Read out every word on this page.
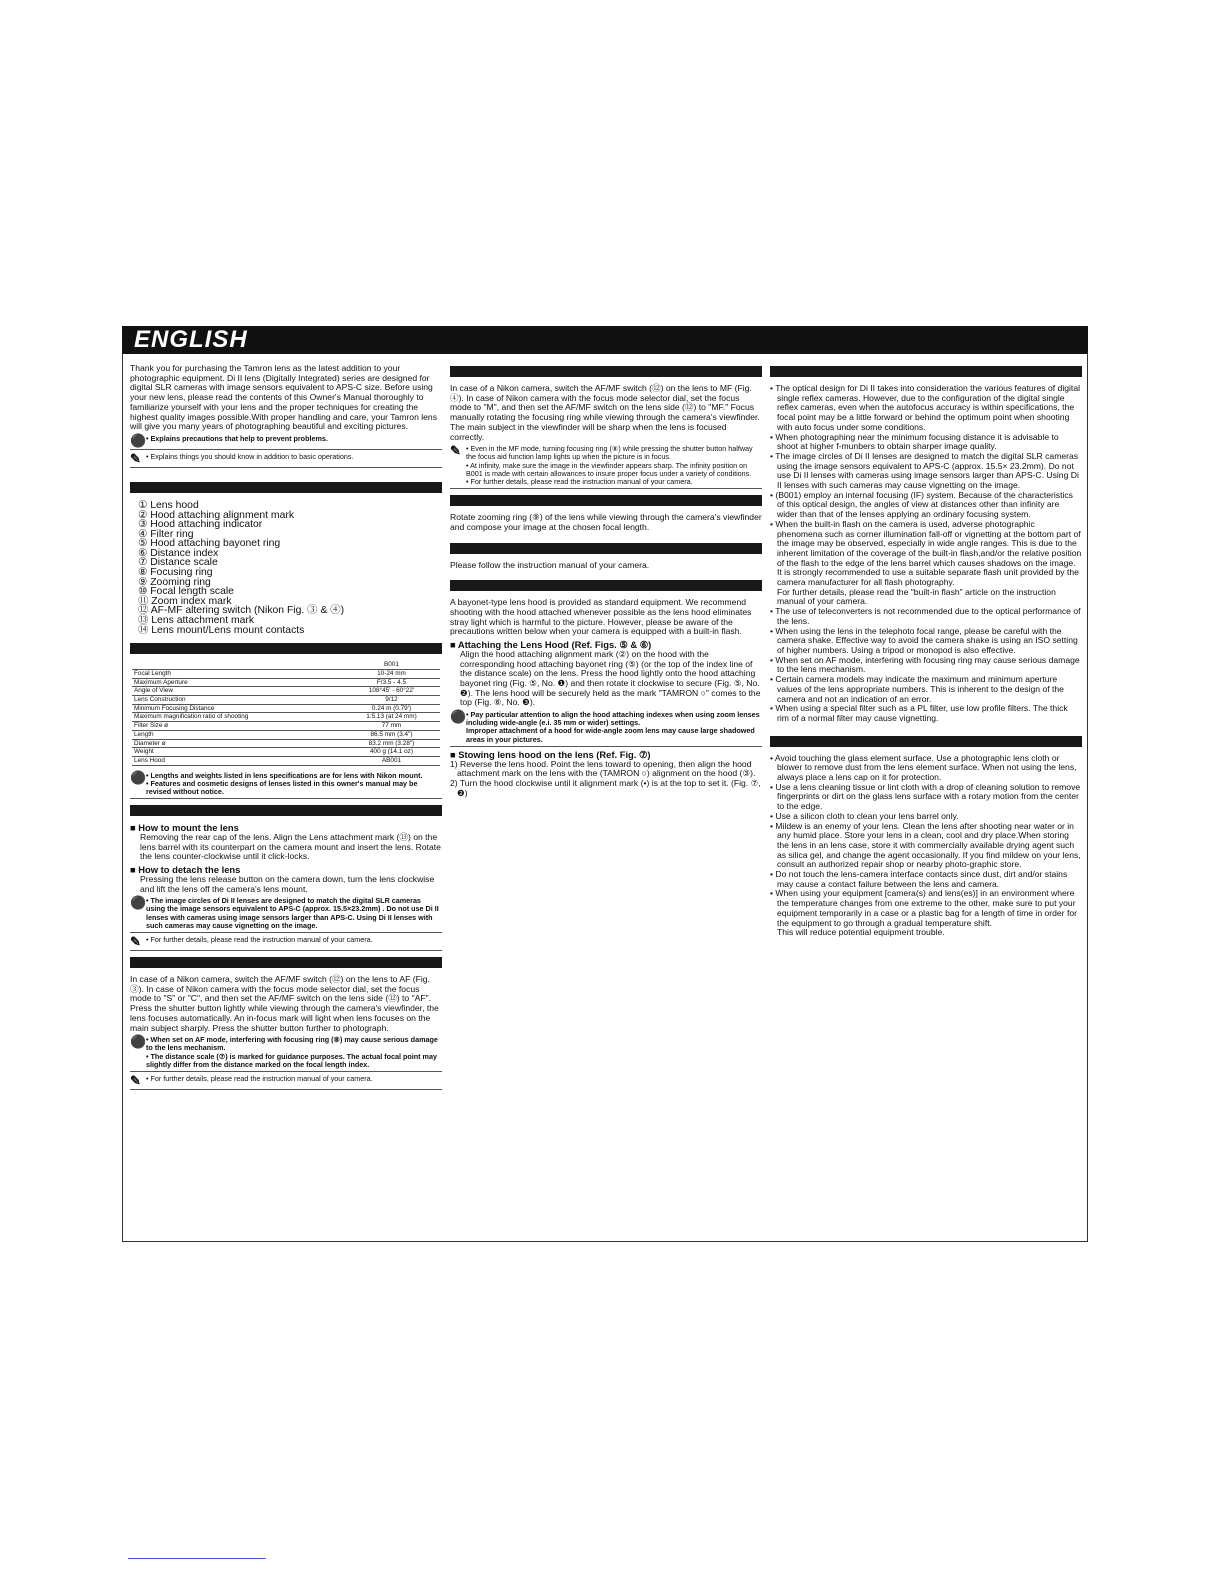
ENGLISH

Thank you for purchasing the Tamron lens as the latest addition to your photographic equipment. Di II lens (Digitally Integrated) series are designed for digital SLR cameras with image sensors equivalent to APS-C size. Before using your new lens, please read the contents of this Owner's Manual thoroughly to familiarize yourself with your lens and the proper techniques for creating the highest quality images possible.With proper handling and care, your Tamron lens will give you many years of photographing beautiful and exciting pictures.

⚫ • Explains precautions that help to prevent problems.
✎ • Explains things you should know in addition to basic operations.
① Lens hood
② Hood attaching alignment mark
③ Hood attaching indicator
④ Filter ring
⑤ Hood attaching bayonet ring
⑥ Distance index
⑦ Distance scale
⑧ Focusing ring
⑨ Zooming ring
⑩ Focal length scale
⑪ Zoom index mark
⑫ AF-MF altering switch (Nikon Fig. ③ & ④)
⑬ Lens attachment mark
⑭ Lens mount/Lens mount contacts
	B001
Focal Length	10-24 mm
Maximum Aperture	F/3.5 - 4.5
Angle of View	108°45' - 60°22'
Lens Construction	9/12
Minimum Focusing Distance	0.24 m (0.79')
Maximum magnification ratio of shooting	1:5.13 (at 24 mm)
Filter Size ø	77 mm
Length	86.5 mm (3.4")
Diameter ø	83.2 mm (3.28")
Weight	400 g (14.1 oz)
Lens Hood	AB001
⚫ • Lengths and weights listed in lens specifications are for lens with Nikon mount.
• Features and cosmetic designs of lenses listed in this owner's manual may be revised without notice.
■ How to mount the lens

Removing the rear cap of the lens. Align the Lens attachment mark (⑬) on the lens barrel with its counterpart on the camera mount and insert the lens. Rotate the lens counter-clockwise until it click-locks.

■ How to detach the lens

Pressing the lens release button on the camera down, turn the lens clockwise and lift the lens off the camera's lens mount.

⚫ • The image circles of Di II lenses are designed to match the digital SLR cameras using the image sensors equivalent to APS-C (approx. 15.5×23.2mm) . Do not use Di II lenses with cameras using image sensors larger than APS-C. Using Di II lenses with such cameras may cause vignetting on the image.
✎ • For further details, please read the instruction manual of your camera.

In case of a Nikon camera, switch the AF/MF switch (⑫) on the lens to AF (Fig. ③). In case of Nikon camera with the focus mode selector dial, set the focus mode to "S" or "C", and then set the AF/MF switch on the lens side (⑫) to "AF". Press the shutter button lightly while viewing through the camera's viewfinder, the lens focuses automatically. An in-focus mark will light when lens focuses on the main subject sharply. Press the shutter button further to photograph.

⚫ • When set on AF mode, interfering with focusing ring (⑧) may cause serious damage to the lens mechanism.
• The distance scale (⑦) is marked for guidance purposes. The actual focal point may slightly differ from the distance marked on the focal length index.
✎ • For further details, please read the instruction manual of your camera.

In case of a Nikon camera, switch the AF/MF switch (⑫) on the lens to MF (Fig. ④). In case of Nikon camera with the focus mode selector dial, set the focus mode to "M", and then set the AF/MF switch on the lens side (⑫) to "MF." Focus manually rotating the focusing ring while viewing through the camera's viewfinder. The main subject in the viewfinder will be sharp when the lens is focused correctly.

✎ • Even in the MF mode, turning focusing ring (⑧) while pressing the shutter button halfway the focus aid function lamp lights up when the picture is in focus.
• At infinity, make sure the image in the viewfinder appears sharp. The infinity position on B001 is made with certain allowances to insure proper focus under a variety of conditions.
• For further details, please read the instruction manual of your camera.

Rotate zooming ring (⑨) of the lens while viewing through the camera's viewfinder and compose your image at the chosen focal length.

Please follow the instruction manual of your camera.

A bayonet-type lens hood is provided as standard equipment. We recommend shooting with the hood attached whenever possible as the lens hood eliminates stray light which is harmful to the picture. However, please be aware of the precautions written below when your camera is equipped with a built-in flash.

■ Attaching the Lens Hood (Ref. Figs. ⑤ & ⑥)

Align the hood attaching alignment mark (②) on the hood with the corresponding hood attaching bayonet ring (⑤) (or the top of the index line of the distance scale) on the lens. Press the hood lightly onto the hood attaching bayonet ring (Fig. ⑤, No. ❶) and then rotate it clockwise to secure (Fig. ⑤, No. ❷). The lens hood will be securely held as the mark "TAMRON ○" comes to the top (Fig. ⑥, No. ❸).

⚫ • Pay particular attention to align the hood attaching indexes when using zoom lenses including wide-angle (e.i. 35 mm or wider) settings.
Improper attachment of a hood for wide-angle zoom lens may cause large shadowed areas in your pictures.
■ Stowing lens hood on the lens (Ref. Fig. ⑦)

1) Reverse the lens hood. Point the lens toward to opening, then align the hood attachment mark on the lens with the (TAMRON ○) alignment on the hood (③).

2) Turn the hood clockwise until it alignment mark (•) is at the top to set it. (Fig. ⑦, ❷)

• The optical design for Di II takes into consideration the various features of digital single reflex cameras. However, due to the configuration of the digital single reflex cameras, even when the autofocus accuracy is within specifications, the focal point may be a little forward or behind the optimum point when shooting with auto focus under some conditions.

• When photographing near the minimum focusing distance it is advisable to shoot at higher f-munbers to obtain sharper image quality.

• The image circles of Di II lenses are designed to match the digital SLR cameras using the image sensors equivalent to APS-C (approx. 15.5× 23.2mm). Do not use Di II lenses with cameras using image sensors larger than APS-C. Using Di II lenses with such cameras may cause vignetting on the image.

• (B001) employ an internal focusing (IF) system. Because of the characteristics of this optical design, the angles of view at distances other than infinity are wider than that of the lenses applying an ordinary focusing system.

• When the built-in flash on the camera is used, adverse photographic phenomena such as corner illumination fall-off or vignetting at the bottom part of the image may be observed, especially in wide angle ranges. This is due to the inherent limitation of the coverage of the built-in flash,and/or the relative position of the flash to the edge of the lens barrel which causes shadows on the image. It is strongly recommended to use a suitable separate flash unit provided by the camera manufacturer for all flash photography.

For further details, please read the "built-in flash" article on the instruction manual of your camera.

• The use of teleconverters is not recommended due to the optical performance of the lens.

• When using the lens in the telephoto focal range, please be careful with the camera shake. Effective way to avoid the camera shake is using an ISO setting of higher numbers. Using a tripod or monopod is also effective.

• When set on AF mode, interfering with focusing ring may cause serious damage to the lens mechanism.

• Certain camera models may indicate the maximum and minimum aperture values of the lens appropriate numbers. This is inherent to the design of the camera and not an indication of an error.

• When using a special filter such as a PL filter, use low profile filters. The thick rim of a normal filter may cause vignetting.

• Avoid touching the glass element surface. Use a photographic lens cloth or blower to remove dust from the lens element surface. When not using the lens, always place a lens cap on it for protection.

• Use a lens cleaning tissue or lint cloth with a drop of cleaning solution to remove fingerprints or dirt on the glass lens surface with a rotary motion from the center to the edge.

• Use a silicon cloth to clean your lens barrel only.

• Mildew is an enemy of your lens. Clean the lens after shooting near water or in any humid place. Store your lens in a clean, cool and dry place.When storing the lens in an lens case, store it with commercially available drying agent such as silica gel, and change the agent occasionally. If you find mildew on your lens, consult an authorized repair shop or nearby photo-graphic store.

• Do not touch the lens-camera interface contacts since dust, dirt and/or stains may cause a contact failure between the lens and camera.

• When using your equipment [camera(s) and lens(es)] in an environment where the temperature changes from one extreme to the other, make sure to put your equipment temporarily in a case or a plastic bag for a length of time in order for the equipment to go through a gradual temperature shift.

This will reduce potential equipment trouble.
